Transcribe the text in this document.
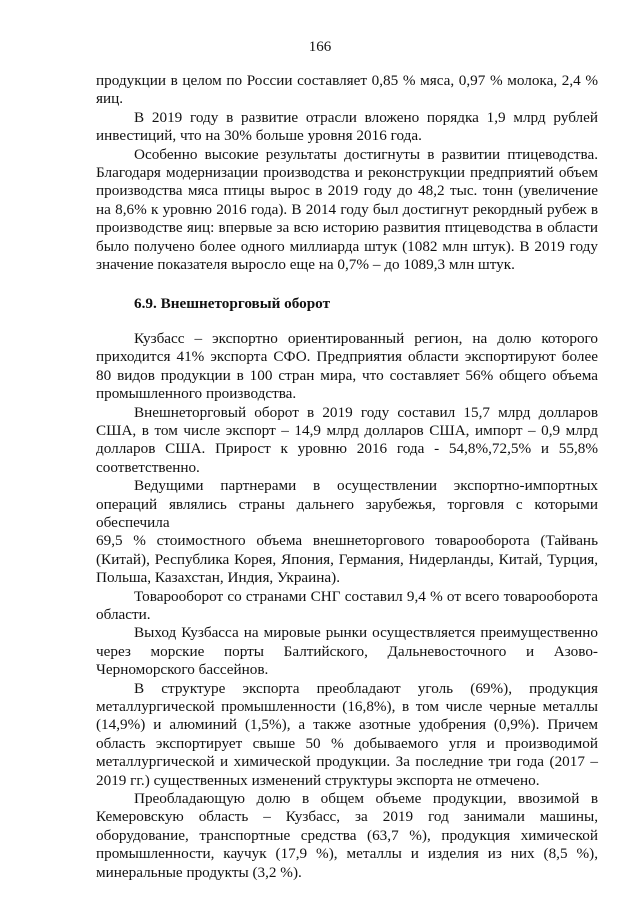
166

продукции в целом по России составляет 0,85 % мяса, 0,97 % молока, 2,4 % яиц.

В 2019 году в развитие отрасли вложено порядка 1,9 млрд рублей инвестиций, что на 30% больше уровня 2016 года.

Особенно высокие результаты достигнуты в развитии птицеводства. Благодаря модернизации производства и реконструкции предприятий объем производства мяса птицы вырос в 2019 году до 48,2 тыс. тонн (увеличение на 8,6% к уровню 2016 года). В 2014 году был достигнут рекордный рубеж в производстве яиц: впервые за всю историю развития птицеводства в области было получено более одного миллиарда штук (1082 млн штук). В 2019 году значение показателя выросло еще на 0,7% – до 1089,3 млн штук.

6.9. Внешнеторговый оборот

Кузбасс – экспортно ориентированный регион, на долю которого приходится 41% экспорта СФО. Предприятия области экспортируют более 80 видов продукции в 100 стран мира, что составляет 56% общего объема промышленного производства.

Внешнеторговый оборот в 2019 году составил 15,7 млрд долларов США, в том числе экспорт – 14,9 млрд долларов США, импорт – 0,9 млрд долларов США. Прирост к уровню 2016 года - 54,8%,72,5% и 55,8% соответственно.

Ведущими партнерами в осуществлении экспортно-импортных операций являлись страны дальнего зарубежья, торговля с которыми обеспечила

69,5 % стоимостного объема внешнеторгового товарооборота (Тайвань (Китай), Республика Корея, Япония, Германия, Нидерланды, Китай, Турция, Польша, Казахстан, Индия, Украина).

Товарооборот со странами СНГ составил 9,4 % от всего товарооборота области.

Выход Кузбасса на мировые рынки осуществляется преимущественно через морские порты Балтийского, Дальневосточного и Азово-Черноморского бассейнов.

В структуре экспорта преобладают уголь (69%), продукция металлургической промышленности (16,8%), в том числе черные металлы (14,9%) и алюминий (1,5%), а также азотные удобрения (0,9%). Причем область экспортирует свыше 50 % добываемого угля и производимой металлургической и химической продукции. За последние три года (2017 – 2019 гг.) существенных изменений структуры экспорта не отмечено.

Преобладающую долю в общем объеме продукции, ввозимой в Кемеровскую область – Кузбасс, за 2019 год занимали машины, оборудование, транспортные средства (63,7 %), продукция химической промышленности, каучук (17,9 %), металлы и изделия из них (8,5 %), минеральные продукты (3,2 %).
